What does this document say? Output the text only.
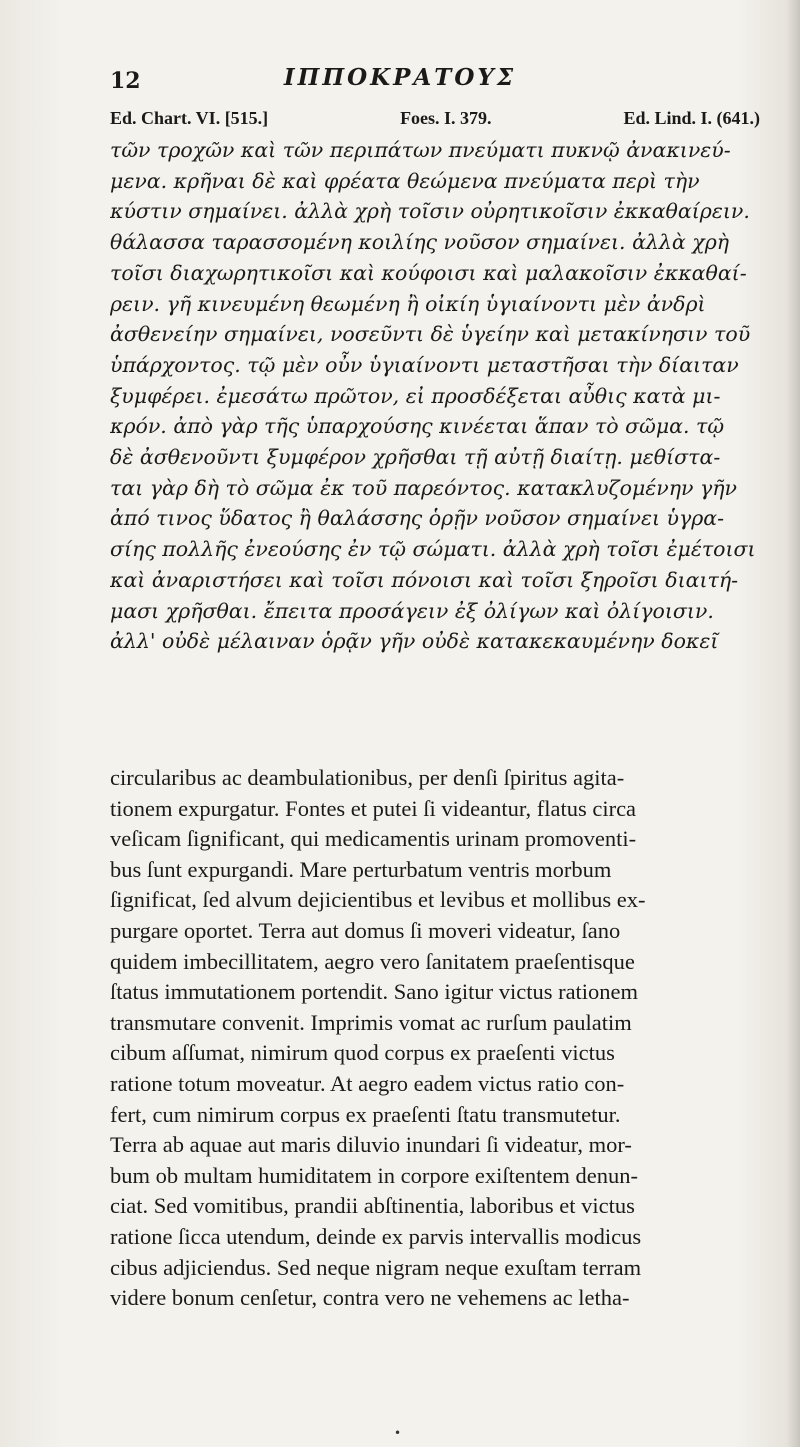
12	ΙΠΠΟΚΡΑΤΟΥΣ
Ed. Chart. VI. [515.]	Foes. I. 379.	Ed. Lind. I. (641.)
τῶν τροχῶν καὶ τῶν περιπάτων πνεύματι πυκνῷ ἀνακινεύ-
μενα. κρῆναι δὲ καὶ φρέατα θεώμενα πνεύματα περὶ τὴν
κύστιν σημαίνει. ἀλλὰ χρὴ τοῖσιν οὐρητικοῖσιν ἐκκαθαίρειν.
θάλασσα ταρασσομένη κοιλίης νοῦσον σημαίνει. ἀλλὰ χρὴ
τοῖσι διαχωρητικοῖσι καὶ κούφοισι καὶ μαλακοῖσιν ἐκκαθαί-
ρειν. γῆ κινευμένη θεωμένη ἢ οἰκίη ὑγιαίνοντι μὲν ἀνδρὶ
ἀσθενείην σημαίνει, νοσεῦντι δὲ ὑγείην καὶ μετακίνησιν τοῦ
ὑπάρχοντος. τῷ μὲν οὖν ὑγιαίνοντι μεταστῆσαι τὴν δίαιταν
ξυμφέρει. ἐμεσάτω πρῶτον, εἰ προσδέξεται αὖθις κατὰ μι-
κρόν. ἀπὸ γὰρ τῆς ὑπαρχούσης κινέεται ἅπαν τὸ σῶμα. τῷ
δὲ ἀσθενοῦντι ξυμφέρον χρῆσθαι τῇ αὐτῇ διαίτῃ. μεθίστα-
ται γὰρ δὴ τὸ σῶμα ἐκ τοῦ παρεόντος. κατακλυζομένην γῆν
ἀπό τινος ὕδατος ἢ θαλάσσης ὁρῇν νοῦσον σημαίνει ὑγρα-
σίης πολλῆς ἐνεούσης ἐν τῷ σώματι. ἀλλὰ χρὴ τοῖσι ἐμέτοισι
καὶ ἀναριστήσει καὶ τοῖσι πόνοισι καὶ τοῖσι ξηροῖσι διαιτή-
μασι χρῆσθαι. ἔπειτα προσάγειν ἐξ ὀλίγων καὶ ὀλίγοισιν.
ἀλλ' οὐδὲ μέλαιναν ὁρᾷν γῆν οὐδὲ κατακεκαυμένην δοκεῖ
circularibus ac deambulationibus, per denſi ſpiritus agita-
tionem expurgatur. Fontes et putei ſi videantur, flatus circa
veſicam ſignificant, qui medicamentis urinam promoventi-
bus ſunt expurgandi. Mare perturbatum ventris morbum
ſignificat, ſed alvum dejicientibus et levibus et mollibus ex-
purgare oportet. Terra aut domus ſi moveri videatur, ſano
quidem imbecillitatem, aegro vero ſanitatem praeſentisque
ſtatus immutationem portendit. Sano igitur victus rationem
transmutare convenit. Imprimis vomat ac rurſum paulatim
cibum aſſumat, nimirum quod corpus ex praeſenti victus
ratione totum moveatur. At aegro eadem victus ratio con-
fert, cum nimirum corpus ex praeſenti ſtatu transmutetur.
Terra ab aquae aut maris diluvio inundari ſi videatur, mor-
bum ob multam humiditatem in corpore exiſtentem denun-
ciat. Sed vomitibus, prandii abſtinentia, laboribus et victus
ratione ſicca utendum, deinde ex parvis intervallis modicus
cibus adjiciendus. Sed neque nigram neque exuſtam terram
videre bonum cenſetur, contra vero ne vehemens ac letha-
•
